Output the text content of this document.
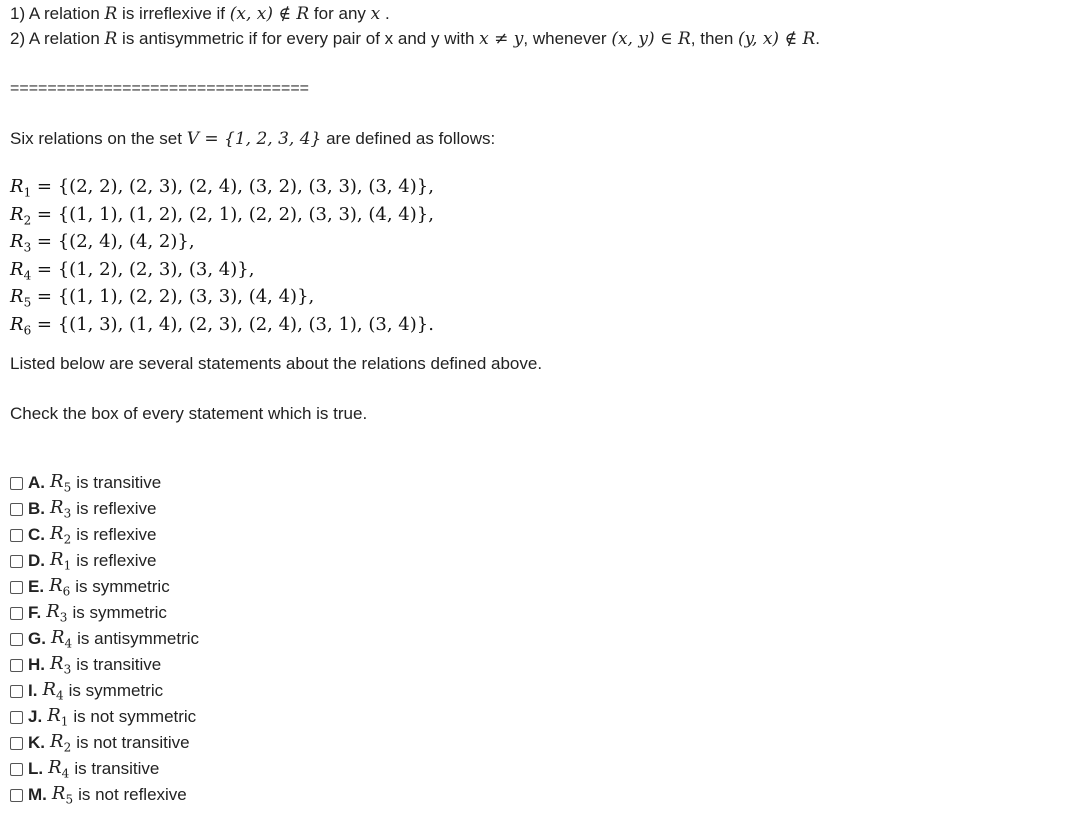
1) A relation R is irreflexive if (x, x) ∉ R for any x .
2) A relation R is antisymmetric if for every pair of x and y with x ≠ y, whenever (x, y) ∈ R, then (y, x) ∉ R.
================================
Six relations on the set V = {1, 2, 3, 4} are defined as follows:
$R_1 = \{(2$, 2), (2, 3), (2, 4), (3, 2), (3, 3), (3, 4)},
$R_2 = \{(1$, 1), (1, 2), (2, 1), (2, 2), (3, 3), (4, 4)},
$R_3 = \{(2$, 4), (4, 2)},
$R_4 = \{(1$, 2), (2, 3), (3, 4)},
$R_5 = \{(1$, 1), (2, 2), (3, 3), (4, 4)},
$R_6 = \{(1$, 3), (1, 4), (2, 3), (2, 4), (3, 1), (3, 4)}.
Listed below are several statements about the relations defined above.
Check the box of every statement which is true.
A. $R_5$ is transitive
B. $R_3$ is reflexive
C. $R_2$ is reflexive
D. $R_1$ is reflexive
E. $R_6$ is symmetric
F. $R_3$ is symmetric
G. $R_4$ is antisymmetric
H. $R_3$ is transitive
I. $R_4$ is symmetric
J. $R_1$ is not symmetric
K. $R_2$ is not transitive
L. $R_4$ is transitive
M. $R_5$ is not reflexive
